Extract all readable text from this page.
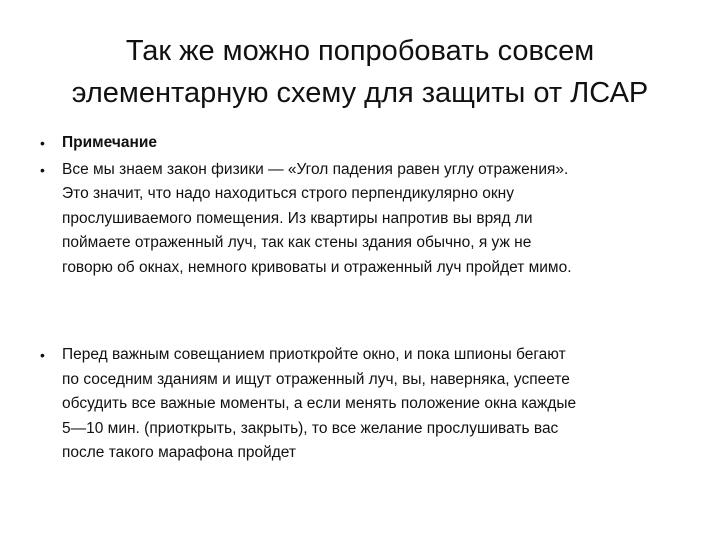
Так же можно попробовать совсем
элементарную схему для защиты от ЛСАР
• Примечание
• Все мы знаем закон физики — «Угол падения равен углу отражения».
Это значит, что надо находиться строго перпендикулярно окну
прослушиваемого помещения. Из квартиры напротив вы вряд ли
поймаете отраженный луч, так как стены здания обычно, я уж не
говорю об окнах, немного кривоваты и отраженный луч пройдет мимо.
• Перед важным совещанием приоткройте окно, и пока шпионы бегают
по соседним зданиям и ищут отраженный луч, вы, наверняка, успеете
обсудить все важные моменты, а если менять положение окна каждые
5—10 мин. (приоткрыть, закрыть), то все желание прослушивать вас
после такого марафона пройдет
